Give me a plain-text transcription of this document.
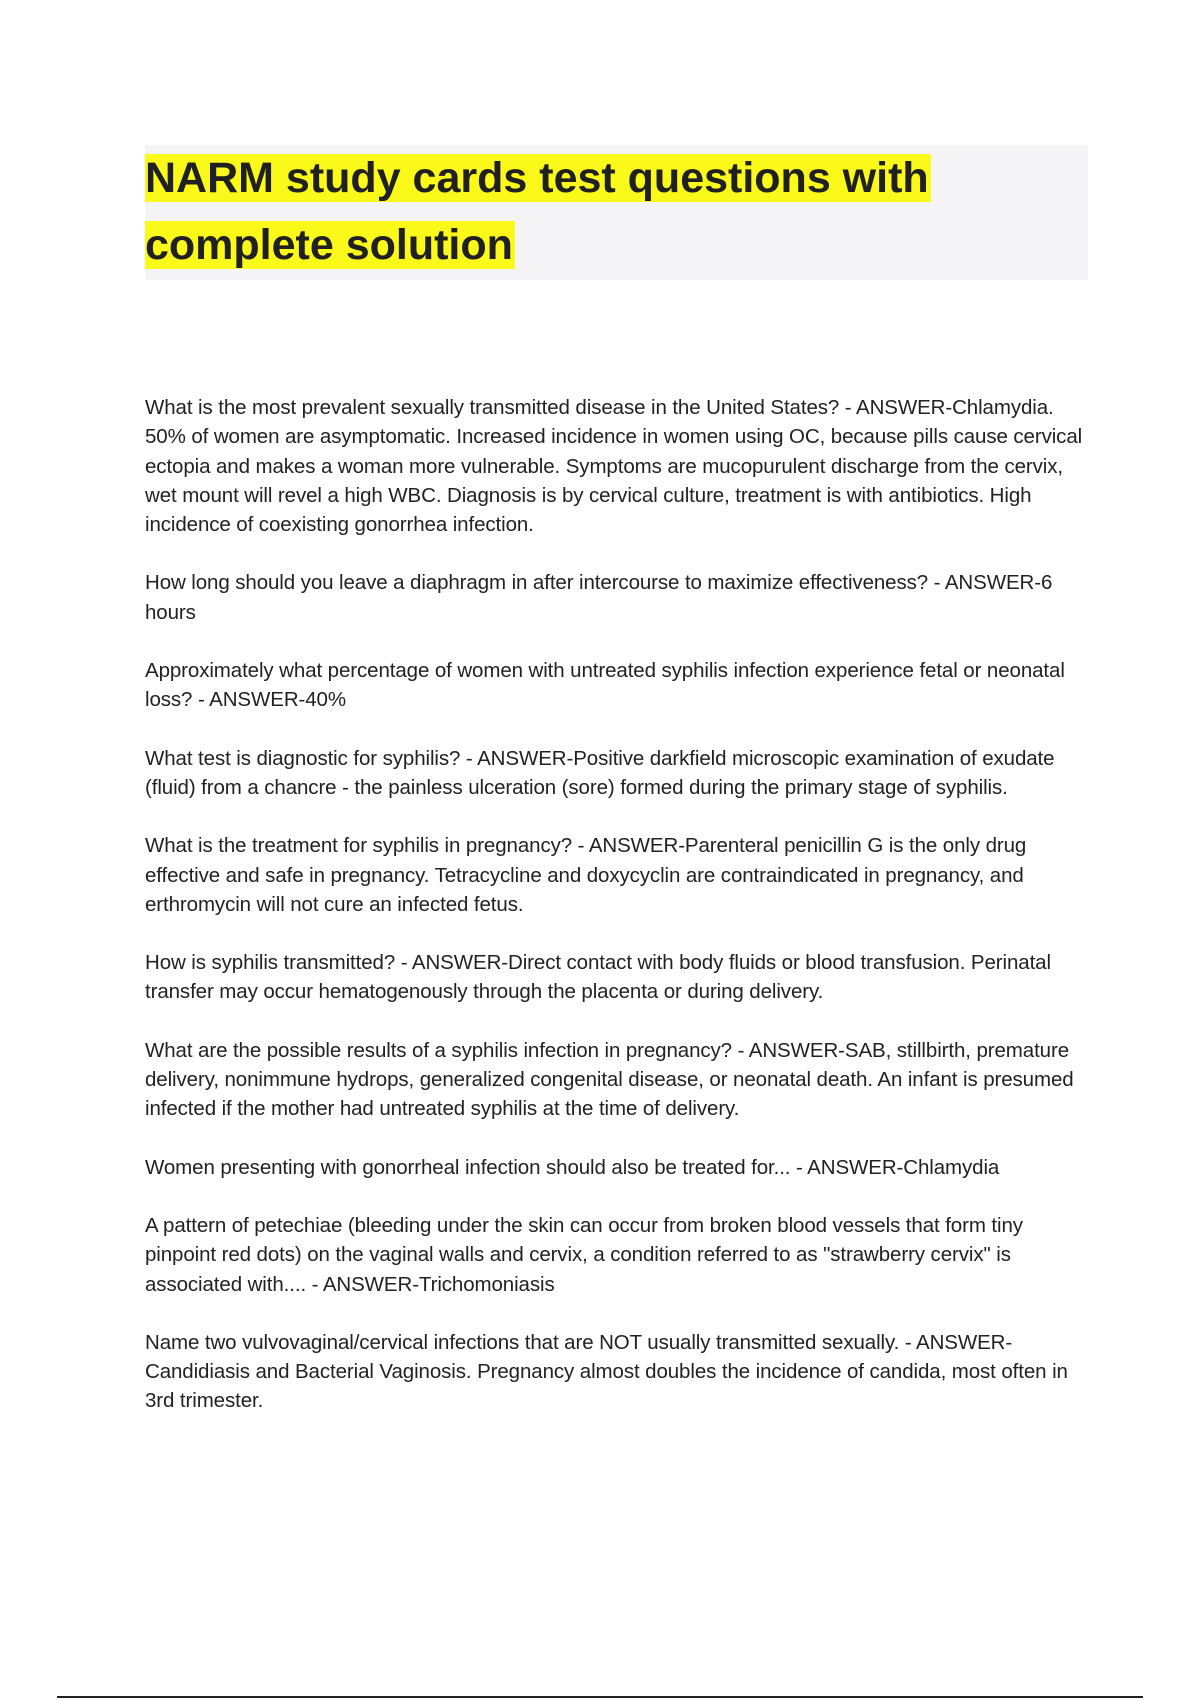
NARM study cards test questions with
complete solution

What is the most prevalent sexually transmitted disease in the United States? - ANSWER-Chlamydia. 50% of women are asymptomatic. Increased incidence in women using OC, because pills cause cervical ectopia and makes a woman more vulnerable. Symptoms are mucopurulent discharge from the cervix, wet mount will revel a high WBC. Diagnosis is by cervical culture, treatment is with antibiotics. High incidence of coexisting gonorrhea infection.

How long should you leave a diaphragm in after intercourse to maximize effectiveness? - ANSWER-6 hours

Approximately what percentage of women with untreated syphilis infection experience fetal or neonatal loss? - ANSWER-40%

What test is diagnostic for syphilis? - ANSWER-Positive darkfield microscopic examination of exudate (fluid) from a chancre - the painless ulceration (sore) formed during the primary stage of syphilis.

What is the treatment for syphilis in pregnancy? - ANSWER-Parenteral penicillin G is the only drug effective and safe in pregnancy. Tetracycline and doxycyclin are contraindicated in pregnancy, and erthromycin will not cure an infected fetus.

How is syphilis transmitted? - ANSWER-Direct contact with body fluids or blood transfusion. Perinatal transfer may occur hematogenously through the placenta or during delivery.

What are the possible results of a syphilis infection in pregnancy? - ANSWER-SAB, stillbirth, premature delivery, nonimmune hydrops, generalized congenital disease, or neonatal death. An infant is presumed infected if the mother had untreated syphilis at the time of delivery.

Women presenting with gonorrheal infection should also be treated for... - ANSWER-Chlamydia

A pattern of petechiae (bleeding under the skin can occur from broken blood vessels that form tiny pinpoint red dots) on the vaginal walls and cervix, a condition referred to as "strawberry cervix" is associated with.... - ANSWER-Trichomoniasis

Name two vulvovaginal/cervical infections that are NOT usually transmitted sexually. - ANSWER-Candidiasis and Bacterial Vaginosis. Pregnancy almost doubles the incidence of candida, most often in 3rd trimester.
